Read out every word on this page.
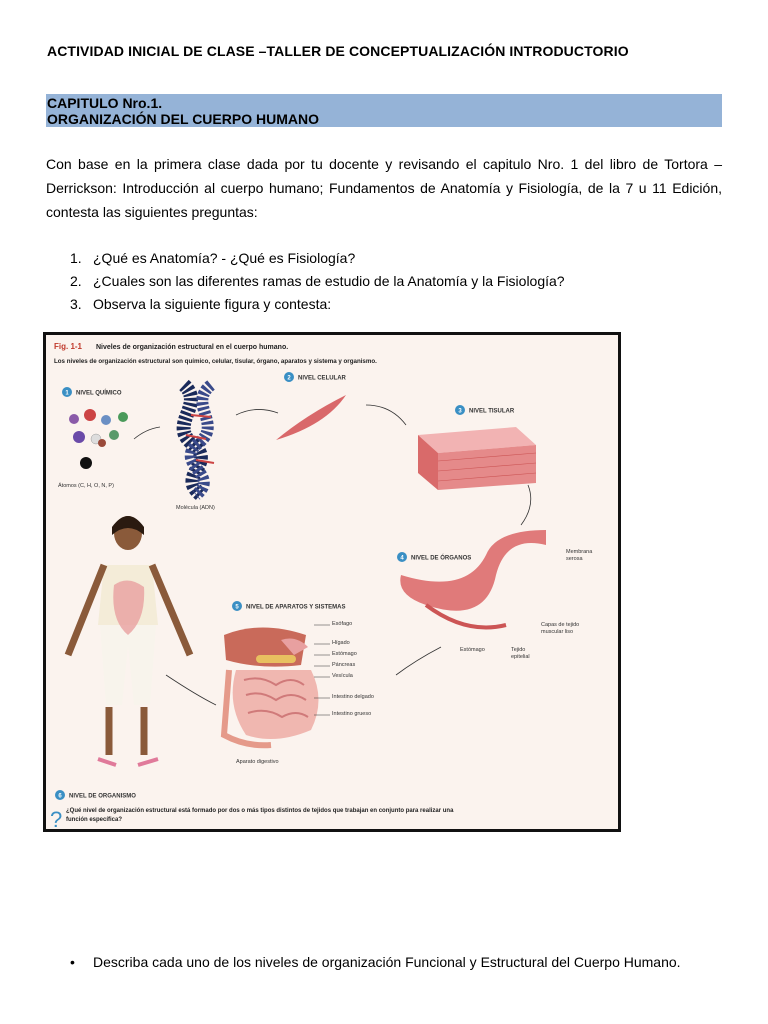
ACTIVIDAD INICIAL DE CLASE –TALLER DE CONCEPTUALIZACIÓN INTRODUCTORIO
CAPITULO Nro.1.
ORGANIZACIÓN DEL CUERPO HUMANO
Con base en la primera clase dada por tu docente y revisando el capitulo Nro. 1 del libro de Tortora – Derrickson: Introducción al cuerpo humano; Fundamentos de Anatomía y Fisiología, de la 7 u 11 Edición, contesta las siguientes preguntas:
1. ¿Qué es Anatomía? - ¿Qué es Fisiología?
2. ¿Cuales son las diferentes ramas de estudio de la Anatomía y la Fisiología?
3. Observa la siguiente figura y contesta:
Fig. 1-1 Niveles de organización estructural en el cuerpo humano.
Los niveles de organización estructural son químico, celular, tisular, órgano, aparatos y sistema y organismo.
1 NIVEL QUÍMICO
Átomos (C, H, O, N, P)
Molécula (ADN)
2 NIVEL CELULAR
3 NIVEL TISULAR
4 NIVEL DE ÓRGANOS
Membrana
serosa
Capas de tejido
muscular liso
Estómago	Tejido
epitelial
5 NIVEL DE APARATOS Y SISTEMAS
Esófago
Hígado
Estómago
Páncreas
Vesícula
Intestino delgado
Intestino grueso
Aparato digestivo
6 NIVEL DE ORGANISMO
? ¿Qué nivel de organización estructural está formado por dos o más tipos distintos de tejidos que trabajan en conjunto para realizar una
función específica?
• Describa cada uno de los niveles de organización Funcional y Estructural del Cuerpo Humano.
